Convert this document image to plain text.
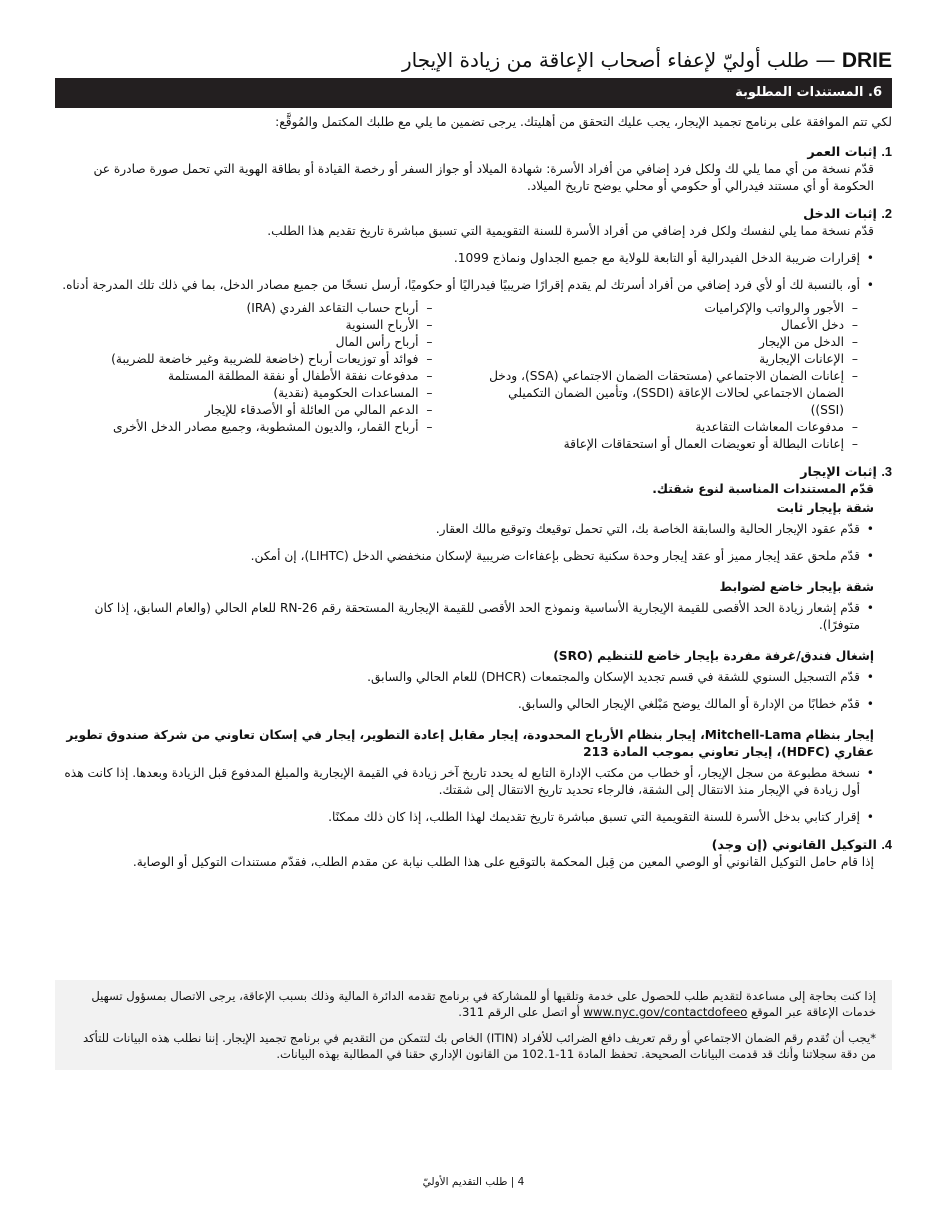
DRIE — طلب أوليّ لإعفاء أصحاب الإعاقة من زيادة الإيجار
6. المستندات المطلوبة

لكي تتم الموافقة على برنامج تجميد الإيجار، يجب عليك التحقق من أهليتك. يرجى تضمين ما يلي مع طلبك المكتمل والمُوقَّع:

1. إثبات العمر

قدّم نسخة من أي مما يلي لك ولكل فرد إضافي من أفراد الأسرة: شهادة الميلاد أو جواز السفر أو رخصة القيادة أو بطاقة الهوية التي تحمل صورة صادرة عن الحكومة أو أي مستند فيدرالي أو حكومي أو محلي يوضح تاريخ الميلاد.

2. إثبات الدخل

قدّم نسخة مما يلي لنفسك ولكل فرد إضافي من أفراد الأسرة للسنة التقويمية التي تسبق مباشرة تاريخ تقديم هذا الطلب.

• إقرارات ضريبة الدخل الفيدرالية أو التابعة للولاية مع جميع الجداول ونماذج 1099.

• أو، بالنسبة لك أو لأي فرد إضافي من أفراد أسرتك لم يقدم إقرارًا ضريبيًا فيدراليًا أو حكوميًا، أرسل نسخًا من جميع مصادر الدخل، بما في ذلك تلك المدرجة أدناه.

– الأجور والرواتب والإكراميات

– دخل الأعمال

– الدخل من الإيجار

– الإعانات الإيجارية

– إعانات الضمان الاجتماعي (مستحقات الضمان الاجتماعي (SSA)، ودخل الضمان الاجتماعي لحالات الإعاقة (SSDI)، وتأمين الضمان التكميلي (SSI))

– مدفوعات المعاشات التقاعدية

– إعانات البطالة أو تعويضات العمال أو استحقاقات الإعاقة

– أرباح حساب التقاعد الفردي (IRA)

– الأرباح السنوية

– أرباح رأس المال

– فوائد أو توزيعات أرباح (خاضعة للضريبة وغير خاضعة للضريبة)

– مدفوعات نفقة الأطفال أو نفقة المطلقة المستلمة

– المساعدات الحكومية (نقدية)

– الدعم المالي من العائلة أو الأصدقاء للإيجار

– أرباح القمار، والديون المشطوبة، وجميع مصادر الدخل الأخرى

3. إثبات الإيجار

قدّم المستندات المناسبة لنوع شقتك.

شقة بإيجار ثابت

• قدّم عقود الإيجار الحالية والسابقة الخاصة بك، التي تحمل توقيعك وتوقيع مالك العقار.

• قدّم ملحق عقد إيجار مميز أو عقد إيجار وحدة سكنية تحظى بإعفاءات ضريبية لإسكان منخفضي الدخل (LIHTC)، إن أمكن.

شقة بإيجار خاضع لضوابط

• قدّم إشعار زيادة الحد الأقصى للقيمة الإيجارية الأساسية ونموذج الحد الأقصى للقيمة الإيجارية المستحقة رقم RN-26 للعام الحالي (والعام السابق، إذا كان متوفرًا).

إشغال فندق/غرفة مفردة بإيجار خاضع للتنظيم (SRO)

• قدّم التسجيل السنوي للشقة في قسم تجديد الإسكان والمجتمعات (DHCR) للعام الحالي والسابق.

• قدّم خطابًا من الإدارة أو المالك يوضح مَبْلغي الإيجار الحالي والسابق.

إيجار بنظام Mitchell-Lama، إيجار بنظام الأرباح المحدودة، إيجار مقابل إعادة التطوير، إيجار في إسكان تعاوني من شركة صندوق تطوير عقاري (HDFC)، إيجار تعاوني بموجب المادة 213

• نسخة مطبوعة من سجل الإيجار، أو خطاب من مكتب الإدارة التابع له يحدد تاريخ آخر زيادة في القيمة الإيجارية والمبلغ المدفوع قبل الزيادة وبعدها. إذا كانت هذه أول زيادة في الإيجار منذ الانتقال إلى الشقة، فالرجاء تحديد تاريخ الانتقال إلى شقتك.

• إقرار كتابي بدخل الأسرة للسنة التقويمية التي تسبق مباشرة تاريخ تقديمك لهذا الطلب، إذا كان ذلك ممكنًا.

4. التوكيل القانوني (إن وجد)

إذا قام حامل التوكيل القانوني أو الوصي المعين من قِبل المحكمة بالتوقيع على هذا الطلب نيابة عن مقدم الطلب، فقدّم مستندات التوكيل أو الوصاية.

إذا كنت بحاجة إلى مساعدة لتقديم طلب للحصول على خدمة وتلقيها أو للمشاركة في برنامج تقدمه الدائرة المالية وذلك بسبب الإعاقة، يرجى الاتصال بمسؤول تسهيل خدمات الإعاقة عبر الموقع www.nyc.gov/contactdofeeo أو اتصل على الرقم 311.

*يجب أن تُقدم رقم الضمان الاجتماعي أو رقم تعريف دافع الضرائب للأفراد (ITIN) الخاص بك لتتمكن من التقديم في برنامج تجميد الإيجار. إننا نطلب هذه البيانات للتأكد من دقة سجلاتنا وأنك قد قدمت البيانات الصحيحة. تحفظ المادة 11-102.1 من القانون الإداري حقنا في المطالبة بهذه البيانات.

4 | طلب التقديم الأوليّ
